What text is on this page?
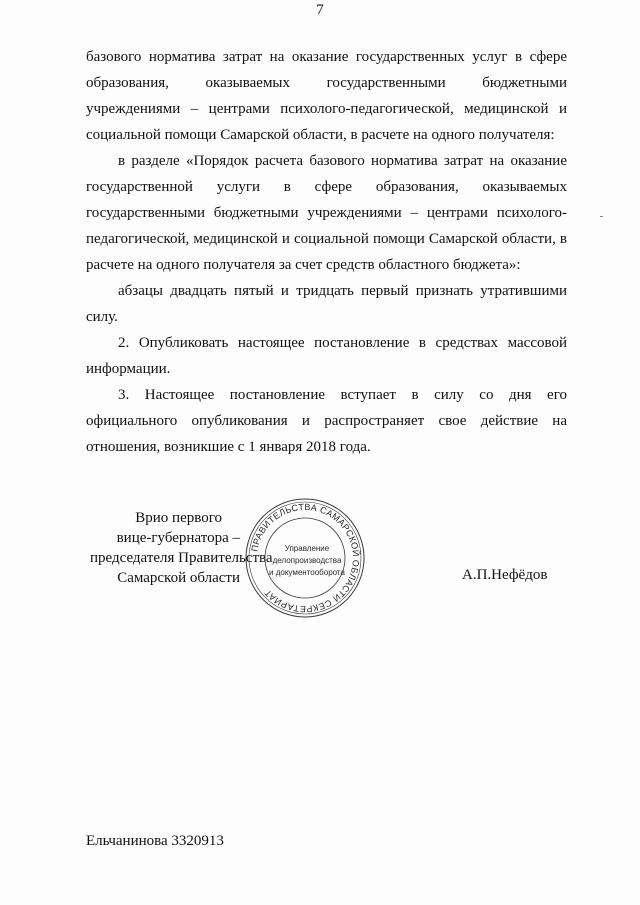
7
базового норматива затрат на оказание государственных услуг в сфере
образования, оказываемых государственными бюджетными
учреждениями – центрами психолого-педагогической, медицинской и
социальной помощи Самарской области, в расчете на одного получателя:
в разделе «Порядок расчета базового норматива затрат на оказание
государственной услуги в сфере образования, оказываемых
государственными бюджетными учреждениями – центрами психолого-
педагогической, медицинской и социальной помощи Самарской области, в
расчете на одного получателя за счет средств областного бюджета»:
абзацы двадцать пятый и тридцать первый признать утратившими
силу.
2. Опубликовать настоящее постановление в средствах массовой
информации.
3. Настоящее постановление вступает в силу со дня его
официального опубликования и распространяет свое действие на
отношения, возникшие с 1 января 2018 года.
Врио первого
вице-губернатора –
председателя Правительства
Самарской области
ПРАВИТЕЛЬСТВА САМАРСКОЙ ОБЛАСТИ СЕКРЕТАРИАТ
Управление
делопроизводства
и документооборота	А.П.Нефёдов
Ельчанинова 3320913
